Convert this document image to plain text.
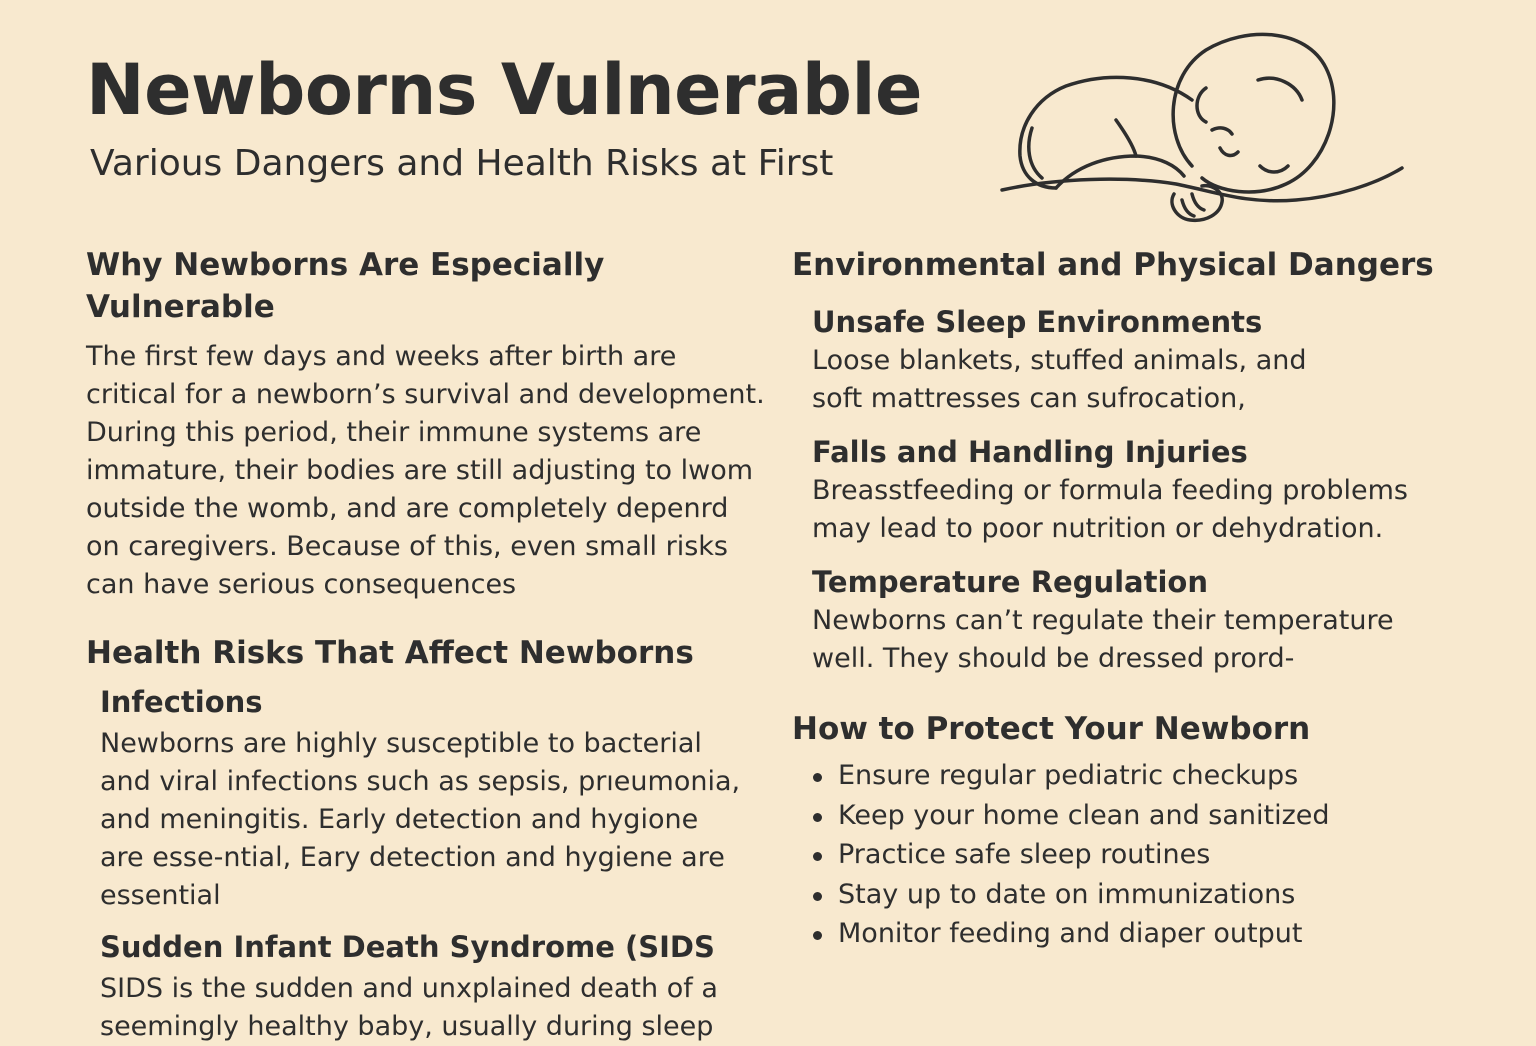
Newborns Vulnerable
Various Dangers and Health Risks at First
Why Newborns Are Especially Vulnerable

The first few days and weeks after birth are critical for a newborn’s survival and development. During this period, their immune systems are immature, their bodies are still adjusting to lwom outside the womb, and are completely depenrd on caregivers. Because of this, even small risks can have serious consequences

Health Risks That Affect Newborns
Infections

Newborns are highly susceptible to bacterial and viral infections such as sepsis, prıeumonia, and meningitis. Early detection and hygione are esse-ntial, Eary detection and hygiene are essential

Sudden Infant Death Syndrome (SIDS

SIDS is the sudden and unxplained death of a seemingly healthy baby, usually during sleep

Environmental and Physical Dangers
Unsafe Sleep Environments

Loose blankets, stuffed animals, and soft mattresses can sufrocation,

Falls and Handling Injuries

Breasstfeeding or formula feeding problems may lead to poor nutrition or dehydration.

Temperature Regulation

Newborns can’t regulate their temperature well. They should be dressed prord-

How to Protect Your Newborn
Ensure regular pediatric checkups
Keep your home clean and sanitized
Practice safe sleep routines
Stay up to date on immunizations
Monitor feeding and diaper output
